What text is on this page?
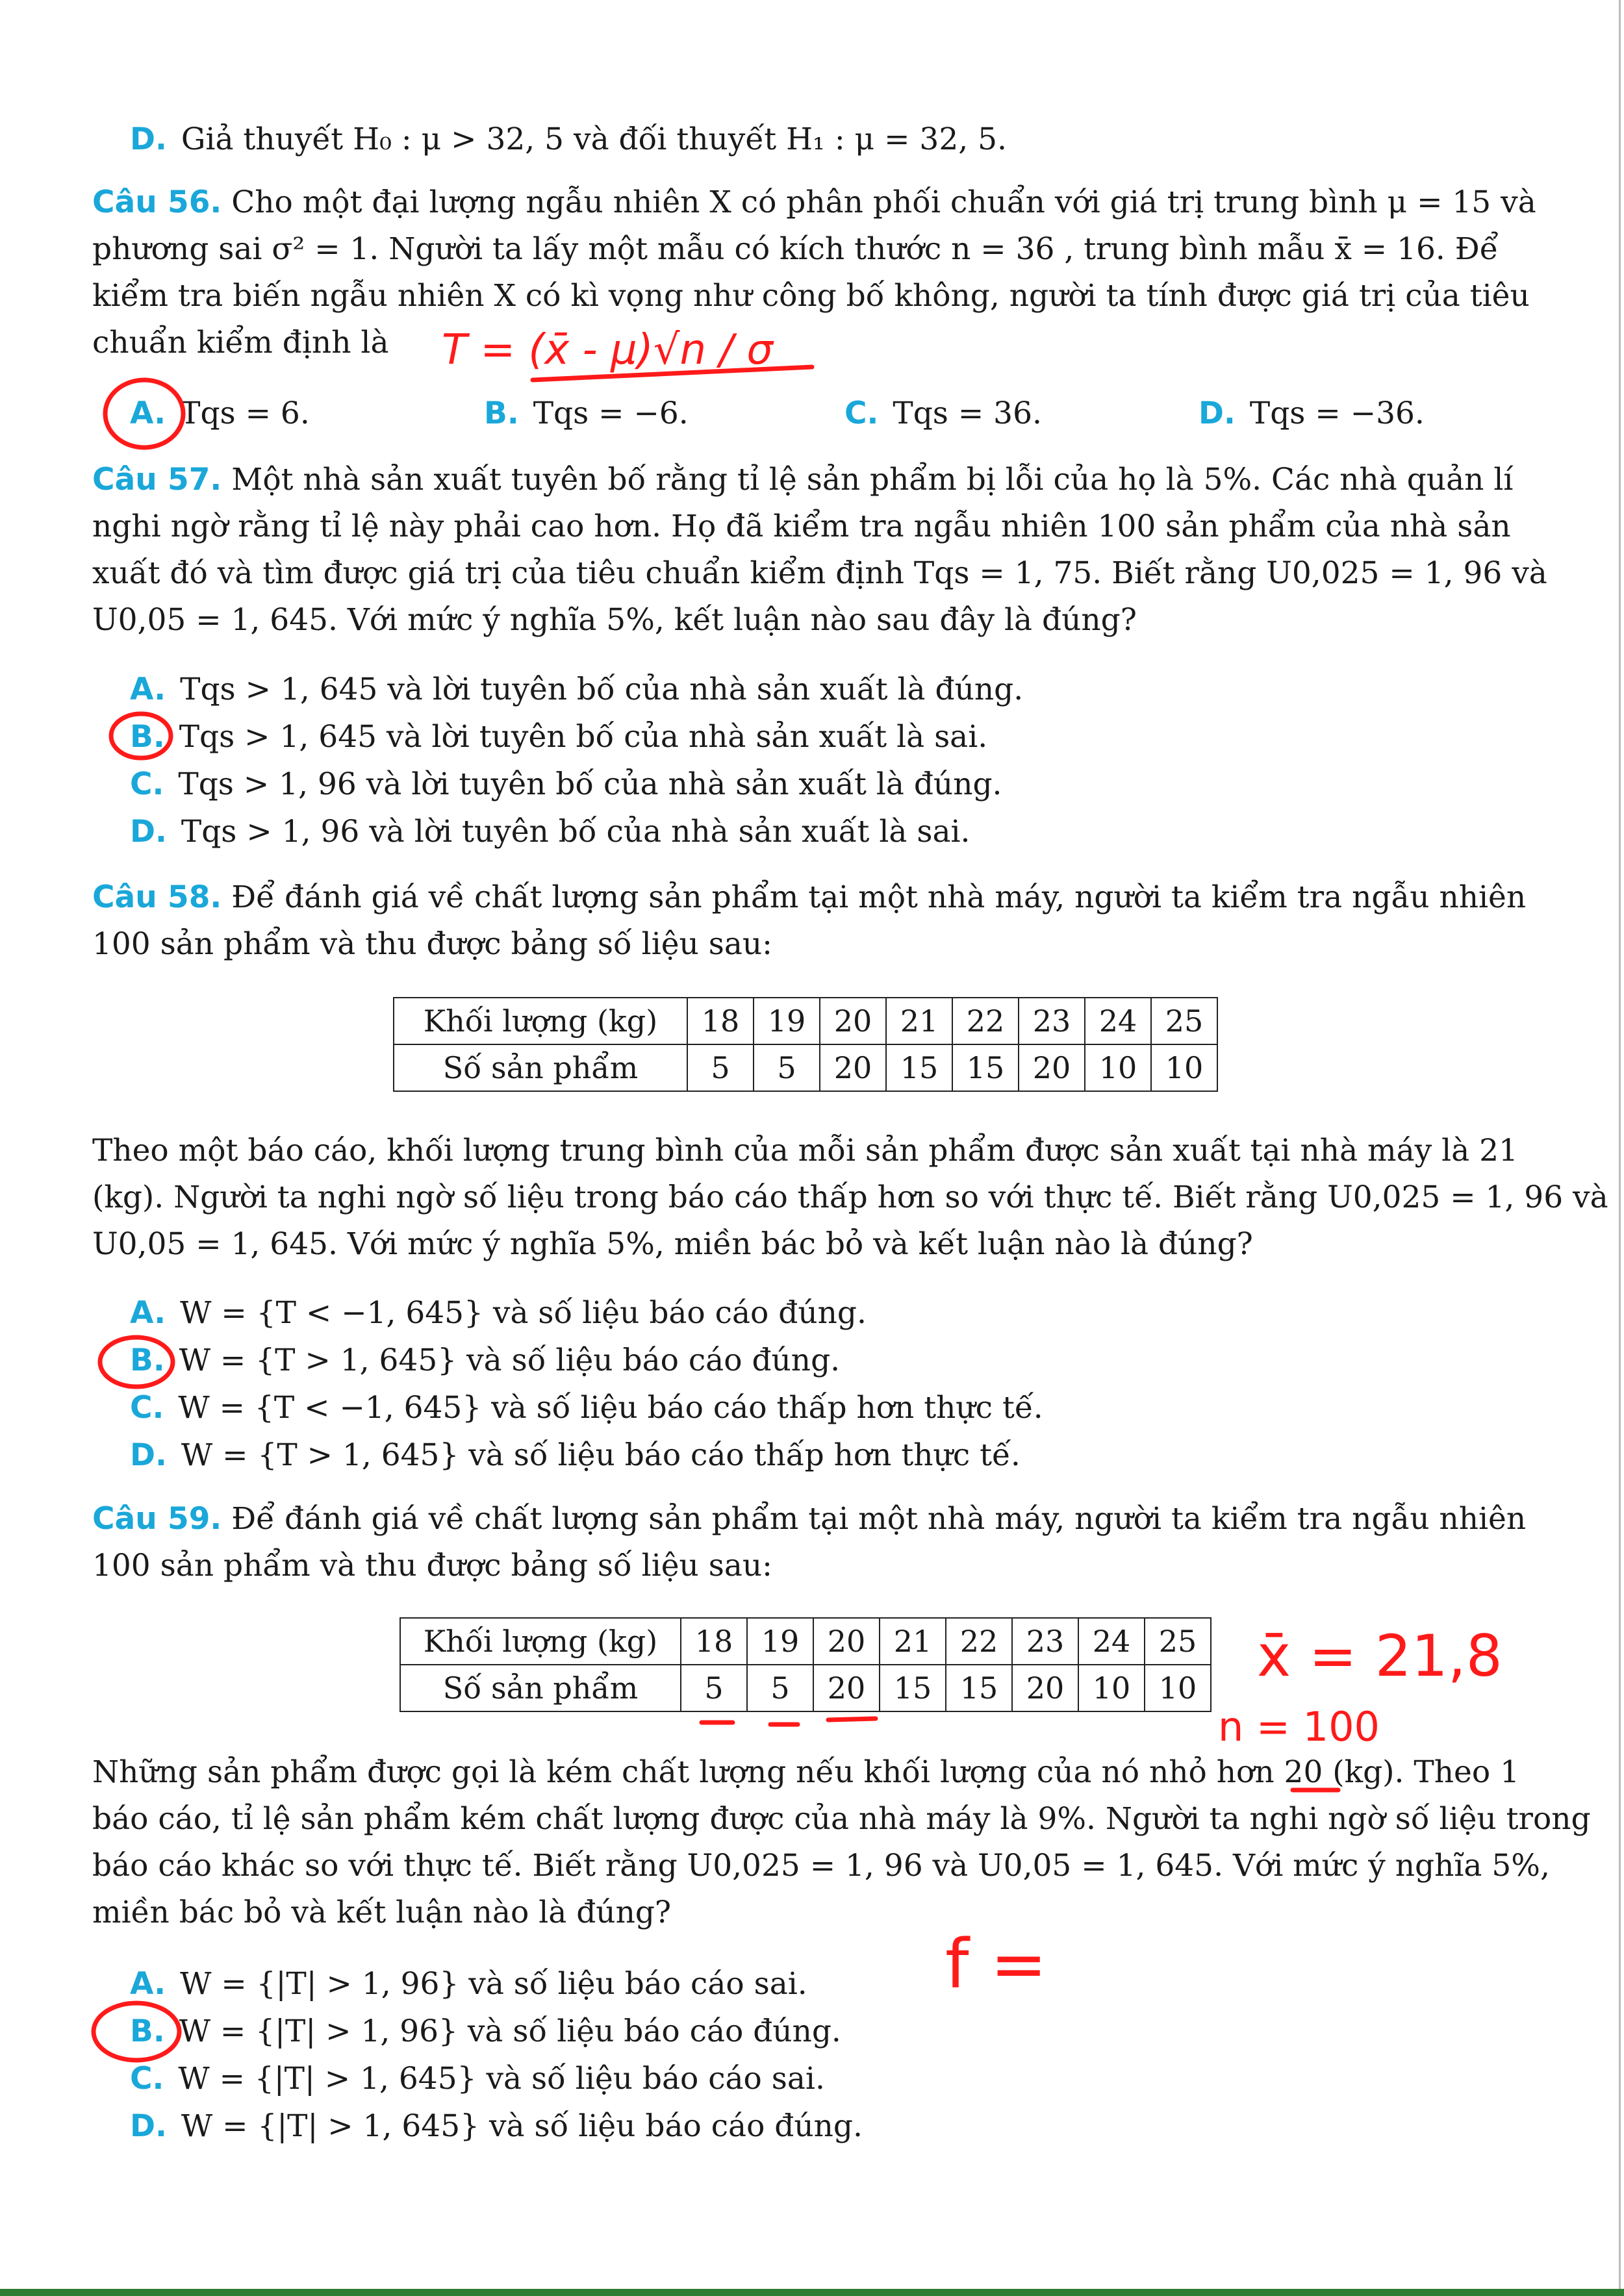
D. Giả thuyết H₀ : μ > 32, 5 và đối thuyết H₁ : μ = 32, 5.
Câu 56. Cho một đại lượng ngẫu nhiên X có phân phối chuẩn với giá trị trung bình μ = 15 và
phương sai σ² = 1. Người ta lấy một mẫu có kích thước n = 36 , trung bình mẫu x̄ = 16. Để
kiểm tra biến ngẫu nhiên X có kì vọng như công bố không, người ta tính được giá trị của tiêu
chuẩn kiểm định là
A. Tqs = 6.	B. Tqs = −6.	C. Tqs = 36.	D. Tqs = −36.
Câu 57. Một nhà sản xuất tuyên bố rằng tỉ lệ sản phẩm bị lỗi của họ là 5%. Các nhà quản lí
nghi ngờ rằng tỉ lệ này phải cao hơn. Họ đã kiểm tra ngẫu nhiên 100 sản phẩm của nhà sản
xuất đó và tìm được giá trị của tiêu chuẩn kiểm định Tqs = 1, 75. Biết rằng U0,025 = 1, 96 và
U0,05 = 1, 645. Với mức ý nghĩa 5%, kết luận nào sau đây là đúng?
A. Tqs > 1, 645 và lời tuyên bố của nhà sản xuất là đúng.
B. Tqs > 1, 645 và lời tuyên bố của nhà sản xuất là sai.
C. Tqs > 1, 96 và lời tuyên bố của nhà sản xuất là đúng.
D. Tqs > 1, 96 và lời tuyên bố của nhà sản xuất là sai.
Câu 58. Để đánh giá về chất lượng sản phẩm tại một nhà máy, người ta kiểm tra ngẫu nhiên
100 sản phẩm và thu được bảng số liệu sau:
Khối lượng (kg)	18	19	20	21	22	23	24	25
Số sản phẩm	5	5	20	15	15	20	10	10
Theo một báo cáo, khối lượng trung bình của mỗi sản phẩm được sản xuất tại nhà máy là 21
(kg). Người ta nghi ngờ số liệu trong báo cáo thấp hơn so với thực tế. Biết rằng U0,025 = 1, 96 và
U0,05 = 1, 645. Với mức ý nghĩa 5%, miền bác bỏ và kết luận nào là đúng?
A. W = {T < −1, 645} và số liệu báo cáo đúng.
B. W = {T > 1, 645} và số liệu báo cáo đúng.
C. W = {T < −1, 645} và số liệu báo cáo thấp hơn thực tế.
D. W = {T > 1, 645} và số liệu báo cáo thấp hơn thực tế.
Câu 59. Để đánh giá về chất lượng sản phẩm tại một nhà máy, người ta kiểm tra ngẫu nhiên
100 sản phẩm và thu được bảng số liệu sau:
Khối lượng (kg)	18	19	20	21	22	23	24	25
Số sản phẩm	5	5	20	15	15	20	10	10
Những sản phẩm được gọi là kém chất lượng nếu khối lượng của nó nhỏ hơn 20 (kg). Theo 1
báo cáo, tỉ lệ sản phẩm kém chất lượng được của nhà máy là 9%. Người ta nghi ngờ số liệu trong
báo cáo khác so với thực tế. Biết rằng U0,025 = 1, 96 và U0,05 = 1, 645. Với mức ý nghĩa 5%,
miền bác bỏ và kết luận nào là đúng?
A. W = {|T| > 1, 96} và số liệu báo cáo sai.
B. W = {|T| > 1, 96} và số liệu báo cáo đúng.
C. W = {|T| > 1, 645} và số liệu báo cáo sai.
D. W = {|T| > 1, 645} và số liệu báo cáo đúng.
T = (x̄ - μ)√n / σ
x̄ = 21,8
n = 100
f =
